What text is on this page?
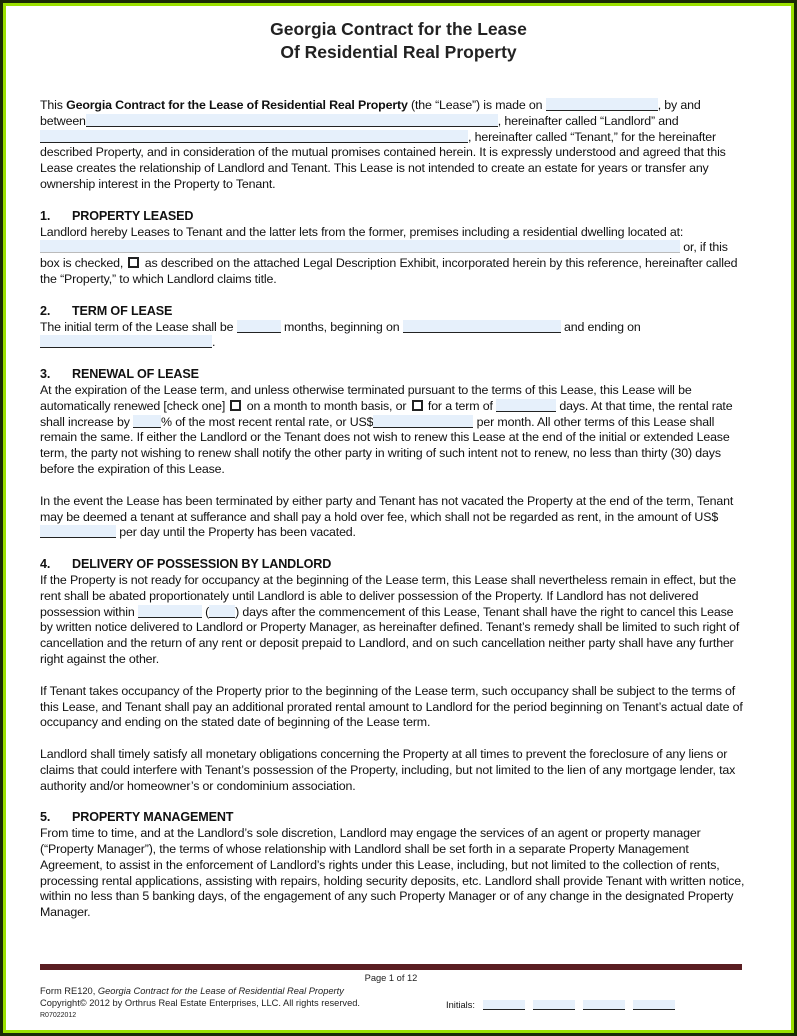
Georgia Contract for the Lease
Of Residential Real Property

This Georgia Contract for the Lease of Residential Real Property (the “Lease”) is made on	, by and between	, hereinafter called “Landlord” and , hereinafter called “Tenant,” for the hereinafter described Property, and in consideration of the mutual promises contained herein. It is expressly understood and agreed that this Lease creates the relationship of Landlord and Tenant. This Lease is not intended to create an estate for years or transfer any ownership interest in the Property to Tenant.

1. PROPERTY LEASED

Landlord hereby Leases to Tenant and the latter lets from the former, premises including a residential dwelling located at:  or, if this box is checked,  as described on the attached Legal Description Exhibit, incorporated herein by this reference, hereinafter called the “Property,” to which Landlord claims title.

2. TERM OF LEASE

The initial term of the Lease shall be	months, beginning on	and ending on .

3. RENEWAL OF LEASE

At the expiration of the Lease term, and unless otherwise terminated pursuant to the terms of this Lease, this Lease will be automatically renewed [check one]  on a month to month basis, or  for a term of	days. At that time, the rental rate shall increase by % of the most recent rental rate, or US$	per month. All other terms of this Lease shall remain the same. If either the Landlord or the Tenant does not wish to renew this Lease at the end of the initial or extended Lease term, the party not wishing to renew shall notify the other party in writing of such intent not to renew, no less than thirty (30) days before the expiration of this Lease.

In the event the Lease has been terminated by either party and Tenant has not vacated the Property at the end of the term, Tenant may be deemed a tenant at sufferance and shall pay a hold over fee, which shall not be regarded as rent, in the amount of US$ per day until the Property has been vacated.

4. DELIVERY OF POSSESSION BY LANDLORD

If the Property is not ready for occupancy at the beginning of the Lease term, this Lease shall nevertheless remain in effect, but the rent shall be abated proportionately until Landlord is able to deliver possession of the Property. If Landlord has not delivered possession within	( ) days after the commencement of this Lease, Tenant shall have the right to cancel this Lease by written notice delivered to Landlord or Property Manager, as hereinafter defined. Tenant’s remedy shall be limited to such right of cancellation and the return of any rent or deposit prepaid to Landlord, and on such cancellation neither party shall have any further right against the other.

If Tenant takes occupancy of the Property prior to the beginning of the Lease term, such occupancy shall be subject to the terms of this Lease, and Tenant shall pay an additional prorated rental amount to Landlord for the period beginning on Tenant’s actual date of occupancy and ending on the stated date of beginning of the Lease term.

Landlord shall timely satisfy all monetary obligations concerning the Property at all times to prevent the foreclosure of any liens or claims that could interfere with Tenant’s possession of the Property, including, but not limited to the lien of any mortgage lender, tax authority and/or homeowner’s or condominium association.

5. PROPERTY MANAGEMENT

From time to time, and at the Landlord’s sole discretion, Landlord may engage the services of an agent or property manager (“Property Manager”), the terms of whose relationship with Landlord shall be set forth in a separate Property Management Agreement, to assist in the enforcement of Landlord’s rights under this Lease, including, but not limited to the collection of rents, processing rental applications, assisting with repairs, holding security deposits, etc. Landlord shall provide Tenant with written notice, within no less than 5 banking days, of the engagement of any such Property Manager or of any change in the designated Property Manager.

Page 1 of 12
Form RE120, Georgia Contract for the Lease of Residential Real Property
Copyright© 2012 by Orthrus Real Estate Enterprises, LLC. All rights reserved.
R07022012
Initials:
